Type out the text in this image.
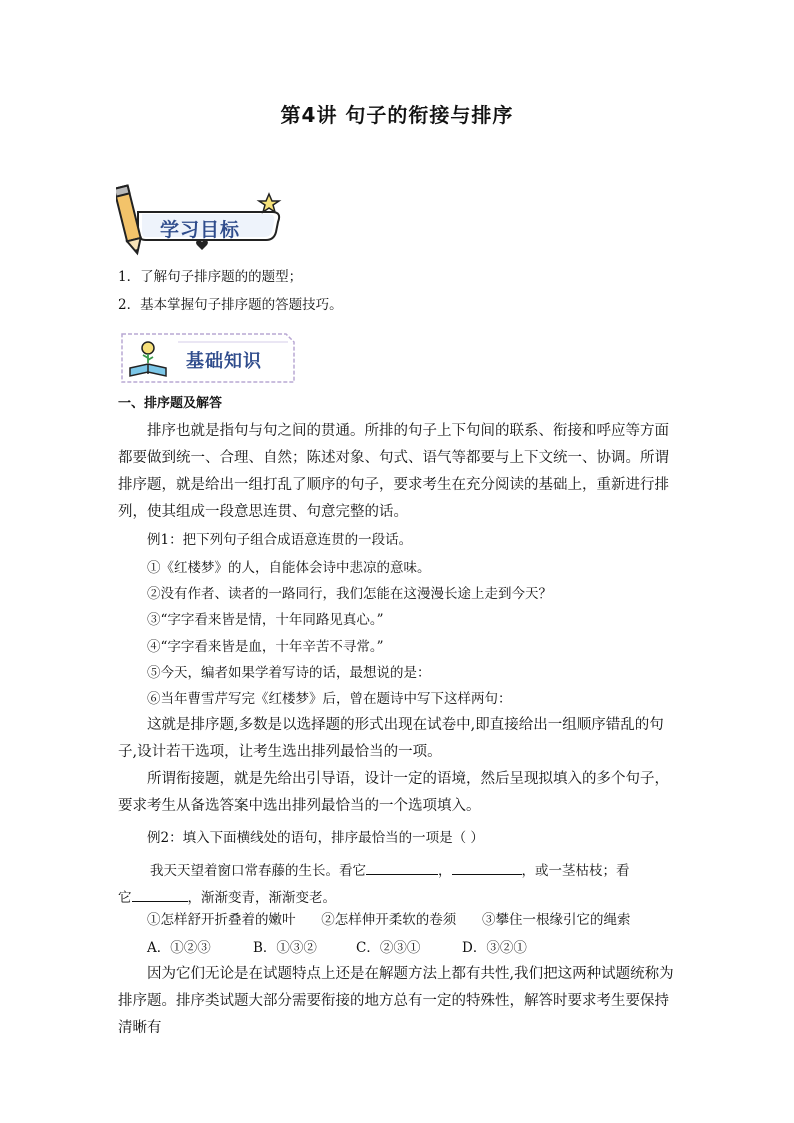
第4讲 句子的衔接与排序
学习目标
1．了解句子排序题的的题型；
2．基本掌握句子排序题的答题技巧。
基础知识
一、排序题及解答
排序也就是指句与句之间的贯通。所排的句子上下句间的联系、衔接和呼应等方面都要做到统一、合理、自然；陈述对象、句式、语气等都要与上下文统一、协调。所谓排序题，就是给出一组打乱了顺序的句子，要求考生在充分阅读的基础上，重新进行排列，使其组成一段意思连贯、句意完整的话。
例1：把下列句子组合成语意连贯的一段话。
①《红楼梦》的人，自能体会诗中悲凉的意味。
②没有作者、读者的一路同行，我们怎能在这漫漫长途上走到今天？
③“字字看来皆是情，十年同路见真心。”
④“字字看来皆是血，十年辛苦不寻常。”
⑤今天，编者如果学着写诗的话，最想说的是：
⑥当年曹雪芹写完《红楼梦》后，曾在题诗中写下这样两句：
这就是排序题,多数是以选择题的形式出现在试卷中,即直接给出一组顺序错乱的句子,设计若干选项，让考生选出排列最恰当的一项。
所谓衔接题，就是先给出引导语，设计一定的语境，然后呈现拟填入的多个句子，要求考生从备选答案中选出排列最恰当的一个选项填入。
例2：填入下面横线处的语句，排序最恰当的一项是（ ）
我天天望着窗口常春藤的生长。看它	，	，或一茎枯枝；看
它	，渐渐变青，渐渐变老。
①怎样舒开折叠着的嫩叶      ②怎样伸开柔软的卷须      ③攀住一根缘引它的绳索
A．①②③	B．①③②	C．②③①	D．③②①
因为它们无论是在试题特点上还是在解题方法上都有共性,我们把这两种试题统称为排序题。排序类试题大部分需要衔接的地方总有一定的特殊性，解答时要求考生要保持清晰有
